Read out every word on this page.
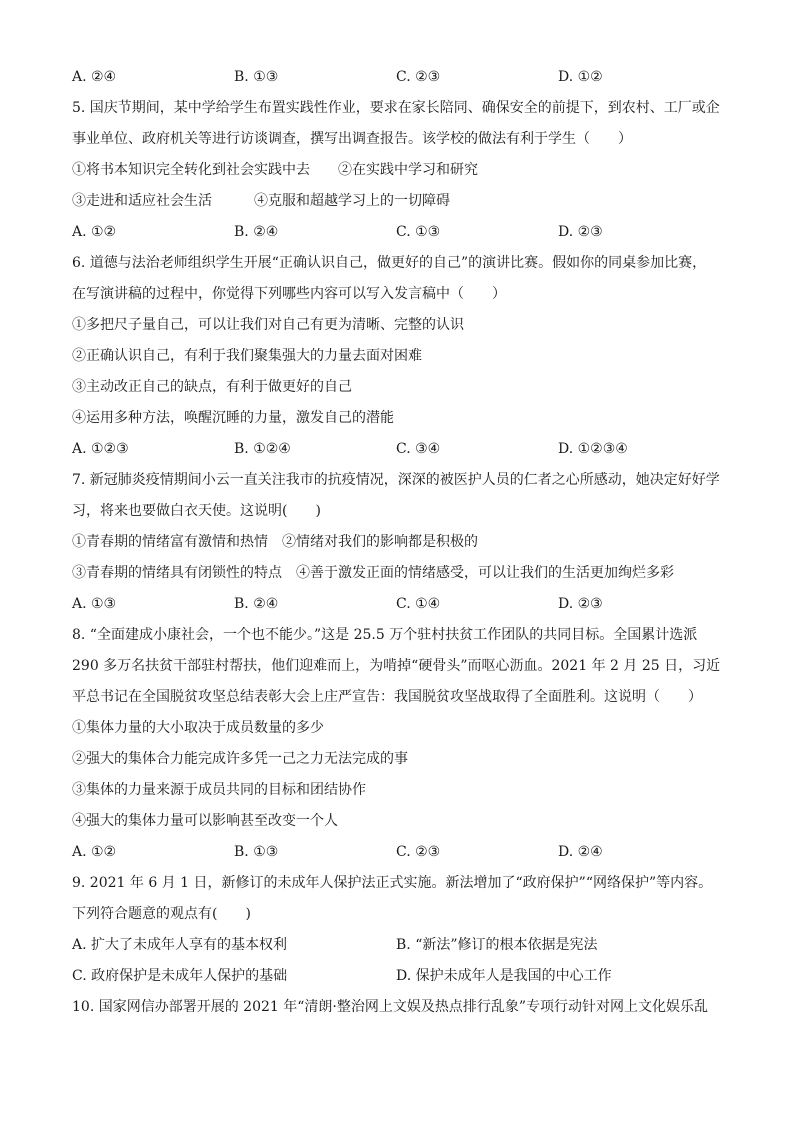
A. ②④	B. ①③	C. ②③	D. ①②
5. 国庆节期间，某中学给学生布置实践性作业，要求在家长陪同、确保安全的前提下，到农村、工厂或企
事业单位、政府机关等进行访谈调查，撰写出调查报告。该学校的做法有利于学生（　　）
①将书本知识完全转化到社会实践中去　　②在实践中学习和研究
③走进和适应社会生活　　　④克服和超越学习上的一切障碍
A. ①②	B. ②④	C. ①③	D. ②③
6. 道德与法治老师组织学生开展“正确认识自己，做更好的自己”的演讲比赛。假如你的同桌参加比赛，
在写演讲稿的过程中，你觉得下列哪些内容可以写入发言稿中（　　）
①多把尺子量自己，可以让我们对自己有更为清晰、完整的认识
②正确认识自己，有利于我们聚集强大的力量去面对困难
③主动改正自己的缺点，有利于做更好的自己
④运用多种方法，唤醒沉睡的力量，激发自己的潜能
A. ①②③	B. ①②④	C. ③④	D. ①②③④
7. 新冠肺炎疫情期间小云一直关注我市的抗疫情况，深深的被医护人员的仁者之心所感动，她决定好好学
习，将来也要做白衣天使。这说明(　　)
①青春期的情绪富有激情和热情　②情绪对我们的影响都是积极的
③青春期的情绪具有闭锁性的特点　④善于激发正面的情绪感受，可以让我们的生活更加绚烂多彩
A. ①③	B. ②④	C. ①④	D. ②③
8. “全面建成小康社会，一个也不能少。”这是 25.5 万个驻村扶贫工作团队的共同目标。全国累计选派
290 多万名扶贫干部驻村帮扶，他们迎难而上，为啃掉“硬骨头”而呕心沥血。2021 年 2 月 25 日，习近
平总书记在全国脱贫攻坚总结表彰大会上庄严宣告：我国脱贫攻坚战取得了全面胜利。这说明（　　）
①集体力量的大小取决于成员数量的多少
②强大的集体合力能完成许多凭一己之力无法完成的事
③集体的力量来源于成员共同的目标和团结协作
④强大的集体力量可以影响甚至改变一个人
A. ①②	B. ①③	C. ②③	D. ②④
9. 2021 年 6 月 1 日，新修订的未成年人保护法正式实施。新法增加了“政府保护”“网络保护”等内容。
下列符合题意的观点有(　　)
A. 扩大了未成年人享有的基本权利	B. “新法”修订的根本依据是宪法
C. 政府保护是未成年人保护的基础	D. 保护未成年人是我国的中心工作
10. 国家网信办部署开展的 2021 年“清朗·整治网上文娱及热点排行乱象”专项行动针对网上文化娱乐乱
